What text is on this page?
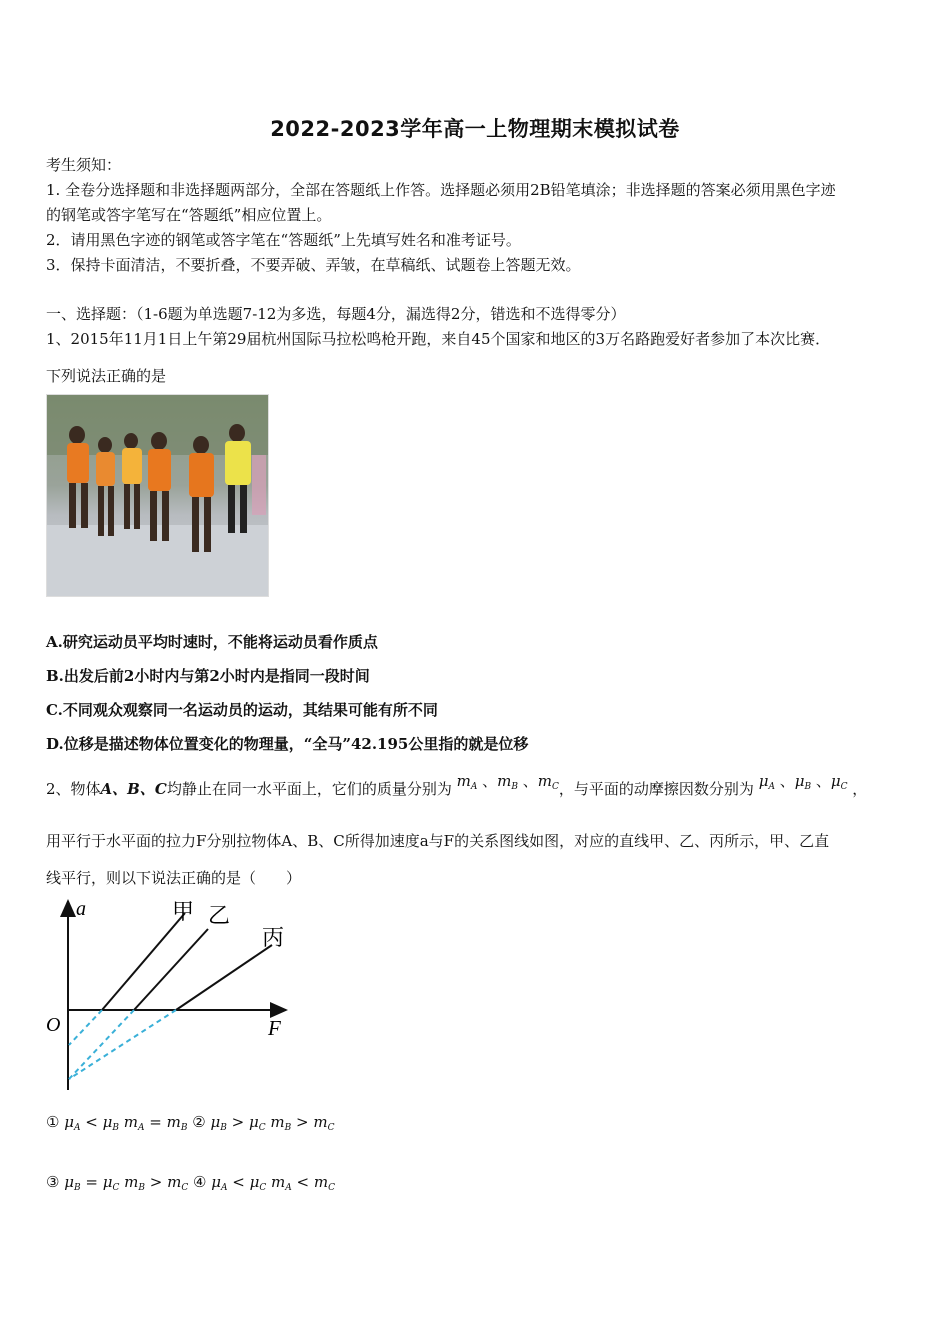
2022-2023学年高一上物理期末模拟试卷
考生须知：
1. 全卷分选择题和非选择题两部分，全部在答题纸上作答。选择题必须用2B铅笔填涂；非选择题的答案必须用黑色字迹
的钢笔或答字笔写在“答题纸”相应位置上。
2．请用黑色字迹的钢笔或答字笔在“答题纸”上先填写姓名和准考证号。
3．保持卡面清洁，不要折叠，不要弄破、弄皱，在草稿纸、试题卷上答题无效。
一、选择题：（1-6题为单选题7-12为多选，每题4分，漏选得2分，错选和不选得零分）
1、2015年11月1日上午第29届杭州国际马拉松鸣枪开跑，来自45个国家和地区的3万名路跑爱好者参加了本次比赛．
下列说法正确的是
A.研究运动员平均时速时，不能将运动员看作质点
B.出发后前2小时内与第2小时内是指同一段时间
C.不同观众观察同一名运动员的运动，其结果可能有所不同
D.位移是描述物体位置变化的物理量，“全马”42.195公里指的就是位移
2、物体A、B、C均静止在同一水平面上，它们的质量分别为 $m_A$ 、$m_B$ 、$m_C$，与平面的动摩擦因数分别为 $\mu_A$ 、$\mu_B$ 、$\mu_C$ ，
用平行于水平面的拉力F分别拉物体A、B、C所得加速度a与F的关系图线如图，对应的直线甲、乙、丙所示，甲、乙直
线平行，则以下说法正确的是（　　）
a
F
O
甲 乙
丙
① $\mu_A < \mu_B$ $m_A = m_B$ ② $\mu_B > \mu_C$ $m_B > m_C$
③ $\mu_B = \mu_C$ $m_B > m_C$ ④ $\mu_A < \mu_C$ $m_A < m_C$
